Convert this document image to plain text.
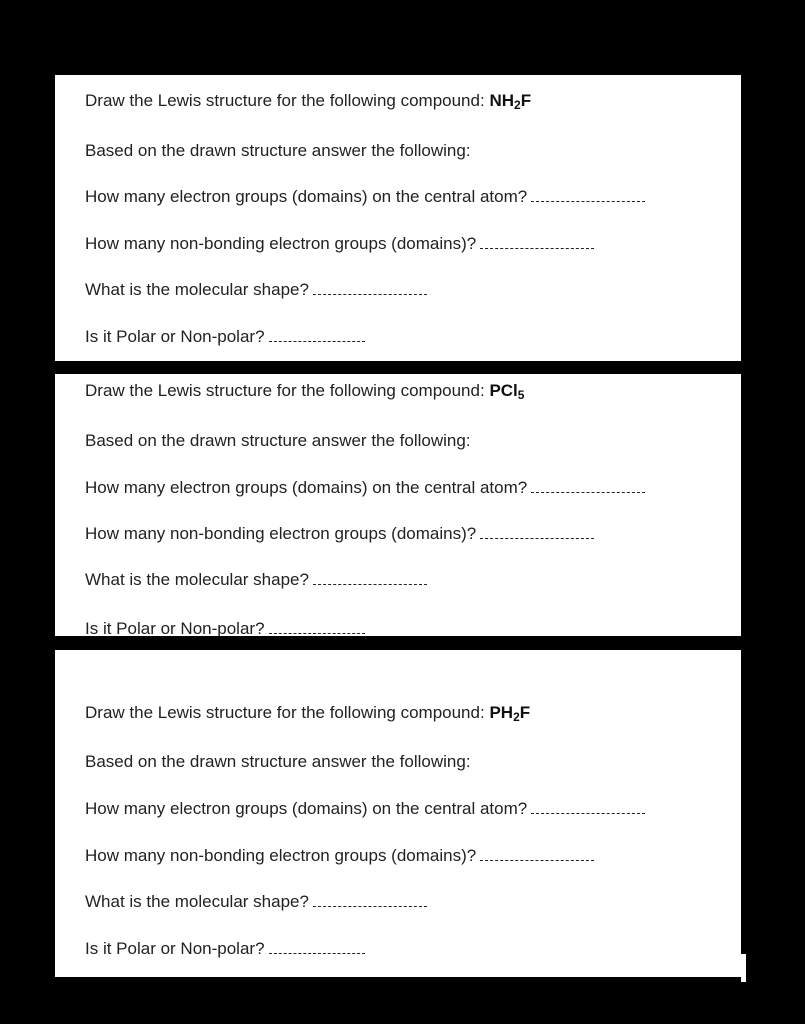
Draw the Lewis structure for the following compound: $NH_2F$
Based on the drawn structure answer the following:
How many electron groups (domains) on the central atom?
How many non-bonding electron groups (domains)?
What is the molecular shape?
Is it Polar or Non-polar?
Draw the Lewis structure for the following compound: PCl$_5$
Based on the drawn structure answer the following:
How many electron groups (domains) on the central atom?
How many non-bonding electron groups (domains)?
What is the molecular shape?
Is it Polar or Non-polar?
Draw the Lewis structure for the following compound: $PH_2F$
Based on the drawn structure answer the following:
How many electron groups (domains) on the central atom?
How many non-bonding electron groups (domains)?
What is the molecular shape?
Is it Polar or Non-polar?
